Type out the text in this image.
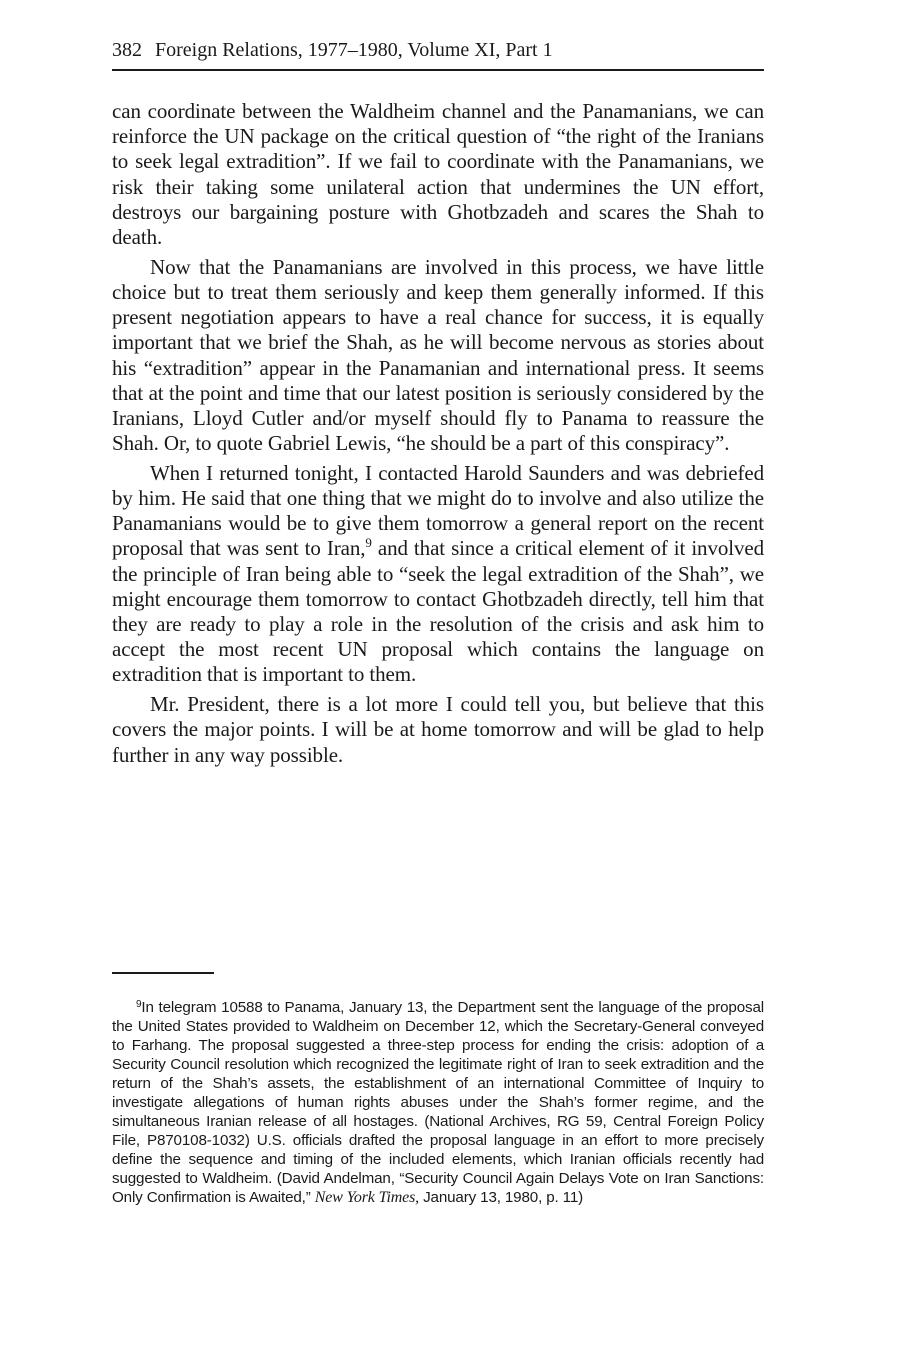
382 Foreign Relations, 1977–1980, Volume XI, Part 1

can coordinate between the Waldheim channel and the Panamanians, we can reinforce the UN package on the critical question of “the right of the Iranians to seek legal extradition”. If we fail to coordinate with the Panamanians, we risk their taking some unilateral action that undermines the UN effort, destroys our bargaining posture with Ghotbzadeh and scares the Shah to death.

Now that the Panamanians are involved in this process, we have little choice but to treat them seriously and keep them generally informed. If this present negotiation appears to have a real chance for success, it is equally important that we brief the Shah, as he will become nervous as stories about his “extradition” appear in the Panamanian and international press. It seems that at the point and time that our latest position is seriously considered by the Iranians, Lloyd Cutler and/or myself should fly to Panama to reassure the Shah. Or, to quote Gabriel Lewis, “he should be a part of this conspiracy”.

When I returned tonight, I contacted Harold Saunders and was debriefed by him. He said that one thing that we might do to involve and also utilize the Panamanians would be to give them tomorrow a general report on the recent proposal that was sent to Iran,$^9$ and that since a critical element of it involved the principle of Iran being able to “seek the legal extradition of the Shah”, we might encourage them tomorrow to contact Ghotbzadeh directly, tell him that they are ready to play a role in the resolution of the crisis and ask him to accept the most recent UN proposal which contains the language on extradition that is important to them.

Mr. President, there is a lot more I could tell you, but believe that this covers the major points. I will be at home tomorrow and will be glad to help further in any way possible.

$^9$In telegram 10588 to Panama, January 13, the Department sent the language of the proposal the United States provided to Waldheim on December 12, which the Secretary-General conveyed to Farhang. The proposal suggested a three-step process for ending the crisis: adoption of a Security Council resolution which recognized the legitimate right of Iran to seek extradition and the return of the Shah’s assets, the establishment of an international Committee of Inquiry to investigate allegations of human rights abuses under the Shah’s former regime, and the simultaneous Iranian release of all hostages. (National Archives, RG 59, Central Foreign Policy File, P870108-1032) U.S. officials drafted the proposal language in an effort to more precisely define the sequence and timing of the included elements, which Iranian officials recently had suggested to Waldheim. (David Andelman, “Security Council Again Delays Vote on Iran Sanctions: Only Confirmation is Awaited,” New York Times, January 13, 1980, p. 11)
